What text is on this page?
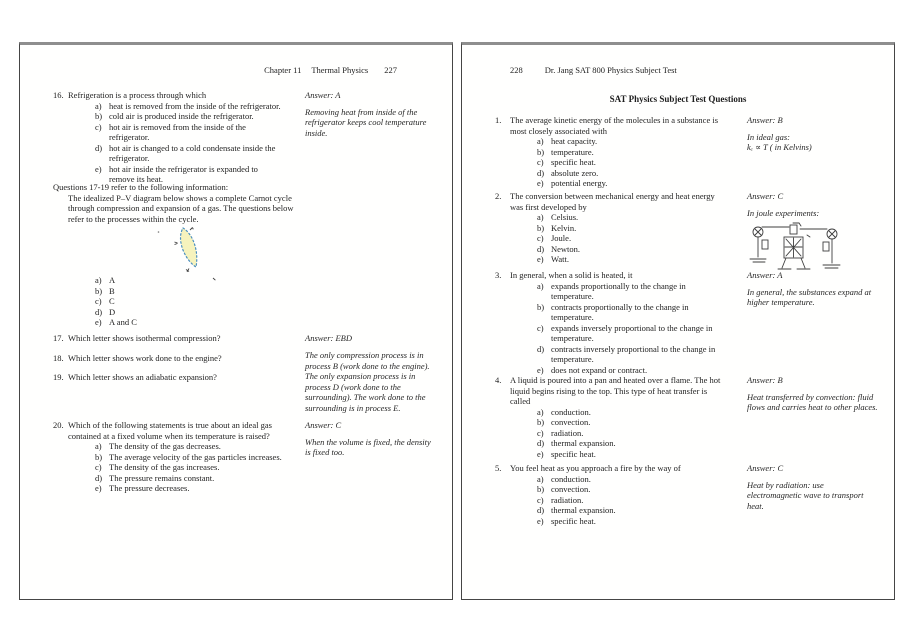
Chapter 11 Thermal Physics 227
16. Refrigeration is a process through which
a) heat is removed from the inside of the refrigerator.
b) cold air is produced inside the refrigerator.
c) hot air is removed from the inside of the refrigerator.
d) hot air is changed to a cold condensate inside the refrigerator.
e) hot air inside the refrigerator is expanded to remove its heat.
Answer: A
Removing heat from inside of the refrigerator keeps cool temperature inside.
Questions 17-19 refer to the following information:
The idealized P–V diagram below shows a complete Carnot cycle through compression and expansion of a gas. The questions below refer to the processes within the cycle.
a) A
b) B
c) C
d) D
e) A and C
17. Which letter shows isothermal compression?	Answer: EBD
18. Which letter shows work done to the engine?	The only compression process is in process B (work done to the engine). The only expansion process is in process D (work done to the surrounding). The work done to the surrounding is in process E.
19. Which letter shows an adiabatic expansion?
20. Which of the following statements is true about an ideal gas contained at a fixed volume when its temperature is raised?
a) The density of the gas decreases.
b) The average velocity of the gas particles increases.
c) The density of the gas increases.
d) The pressure remains constant.
e) The pressure decreases.
Answer: C
When the volume is fixed, the density is fixed too.
228	Dr. Jang SAT 800 Physics Subject Test
SAT Physics Subject Test Questions
1.	The average kinetic energy of the molecules in a substance is most closely associated with
a) heat capacity.
b) temperature.
c) specific heat.
d) absolute zero.
e) potential energy.
Answer: B
In ideal gas:
kₑ ∝ T ( in Kelvins)
2.	The conversion between mechanical energy and heat energy was first developed by
a) Celsius.
b) Kelvin.
c) Joule.
d) Newton.
e) Watt.
Answer: C
In joule experiments:
3.	In general, when a solid is heated, it
a) expands proportionally to the change in temperature.
b) contracts proportionally to the change in temperature.
c) expands inversely proportional to the change in temperature.
d) contracts inversely proportional to the change in temperature.
e) does not expand or contract.
Answer: A
In general, the substances expand at higher temperature.
4.	A liquid is poured into a pan and heated over a flame. The hot liquid begins rising to the top. This type of heat transfer is called
a) conduction.
b) convection.
c) radiation.
d) thermal expansion.
e) specific heat.
Answer: B
Heat transferred by convection: fluid flows and carries heat to other places.
5.	You feel heat as you approach a fire by the way of
a) conduction.
b) convection.
c) radiation.
d) thermal expansion.
e) specific heat.
Answer: C
Heat by radiation: use electromagnetic wave to transport heat.
